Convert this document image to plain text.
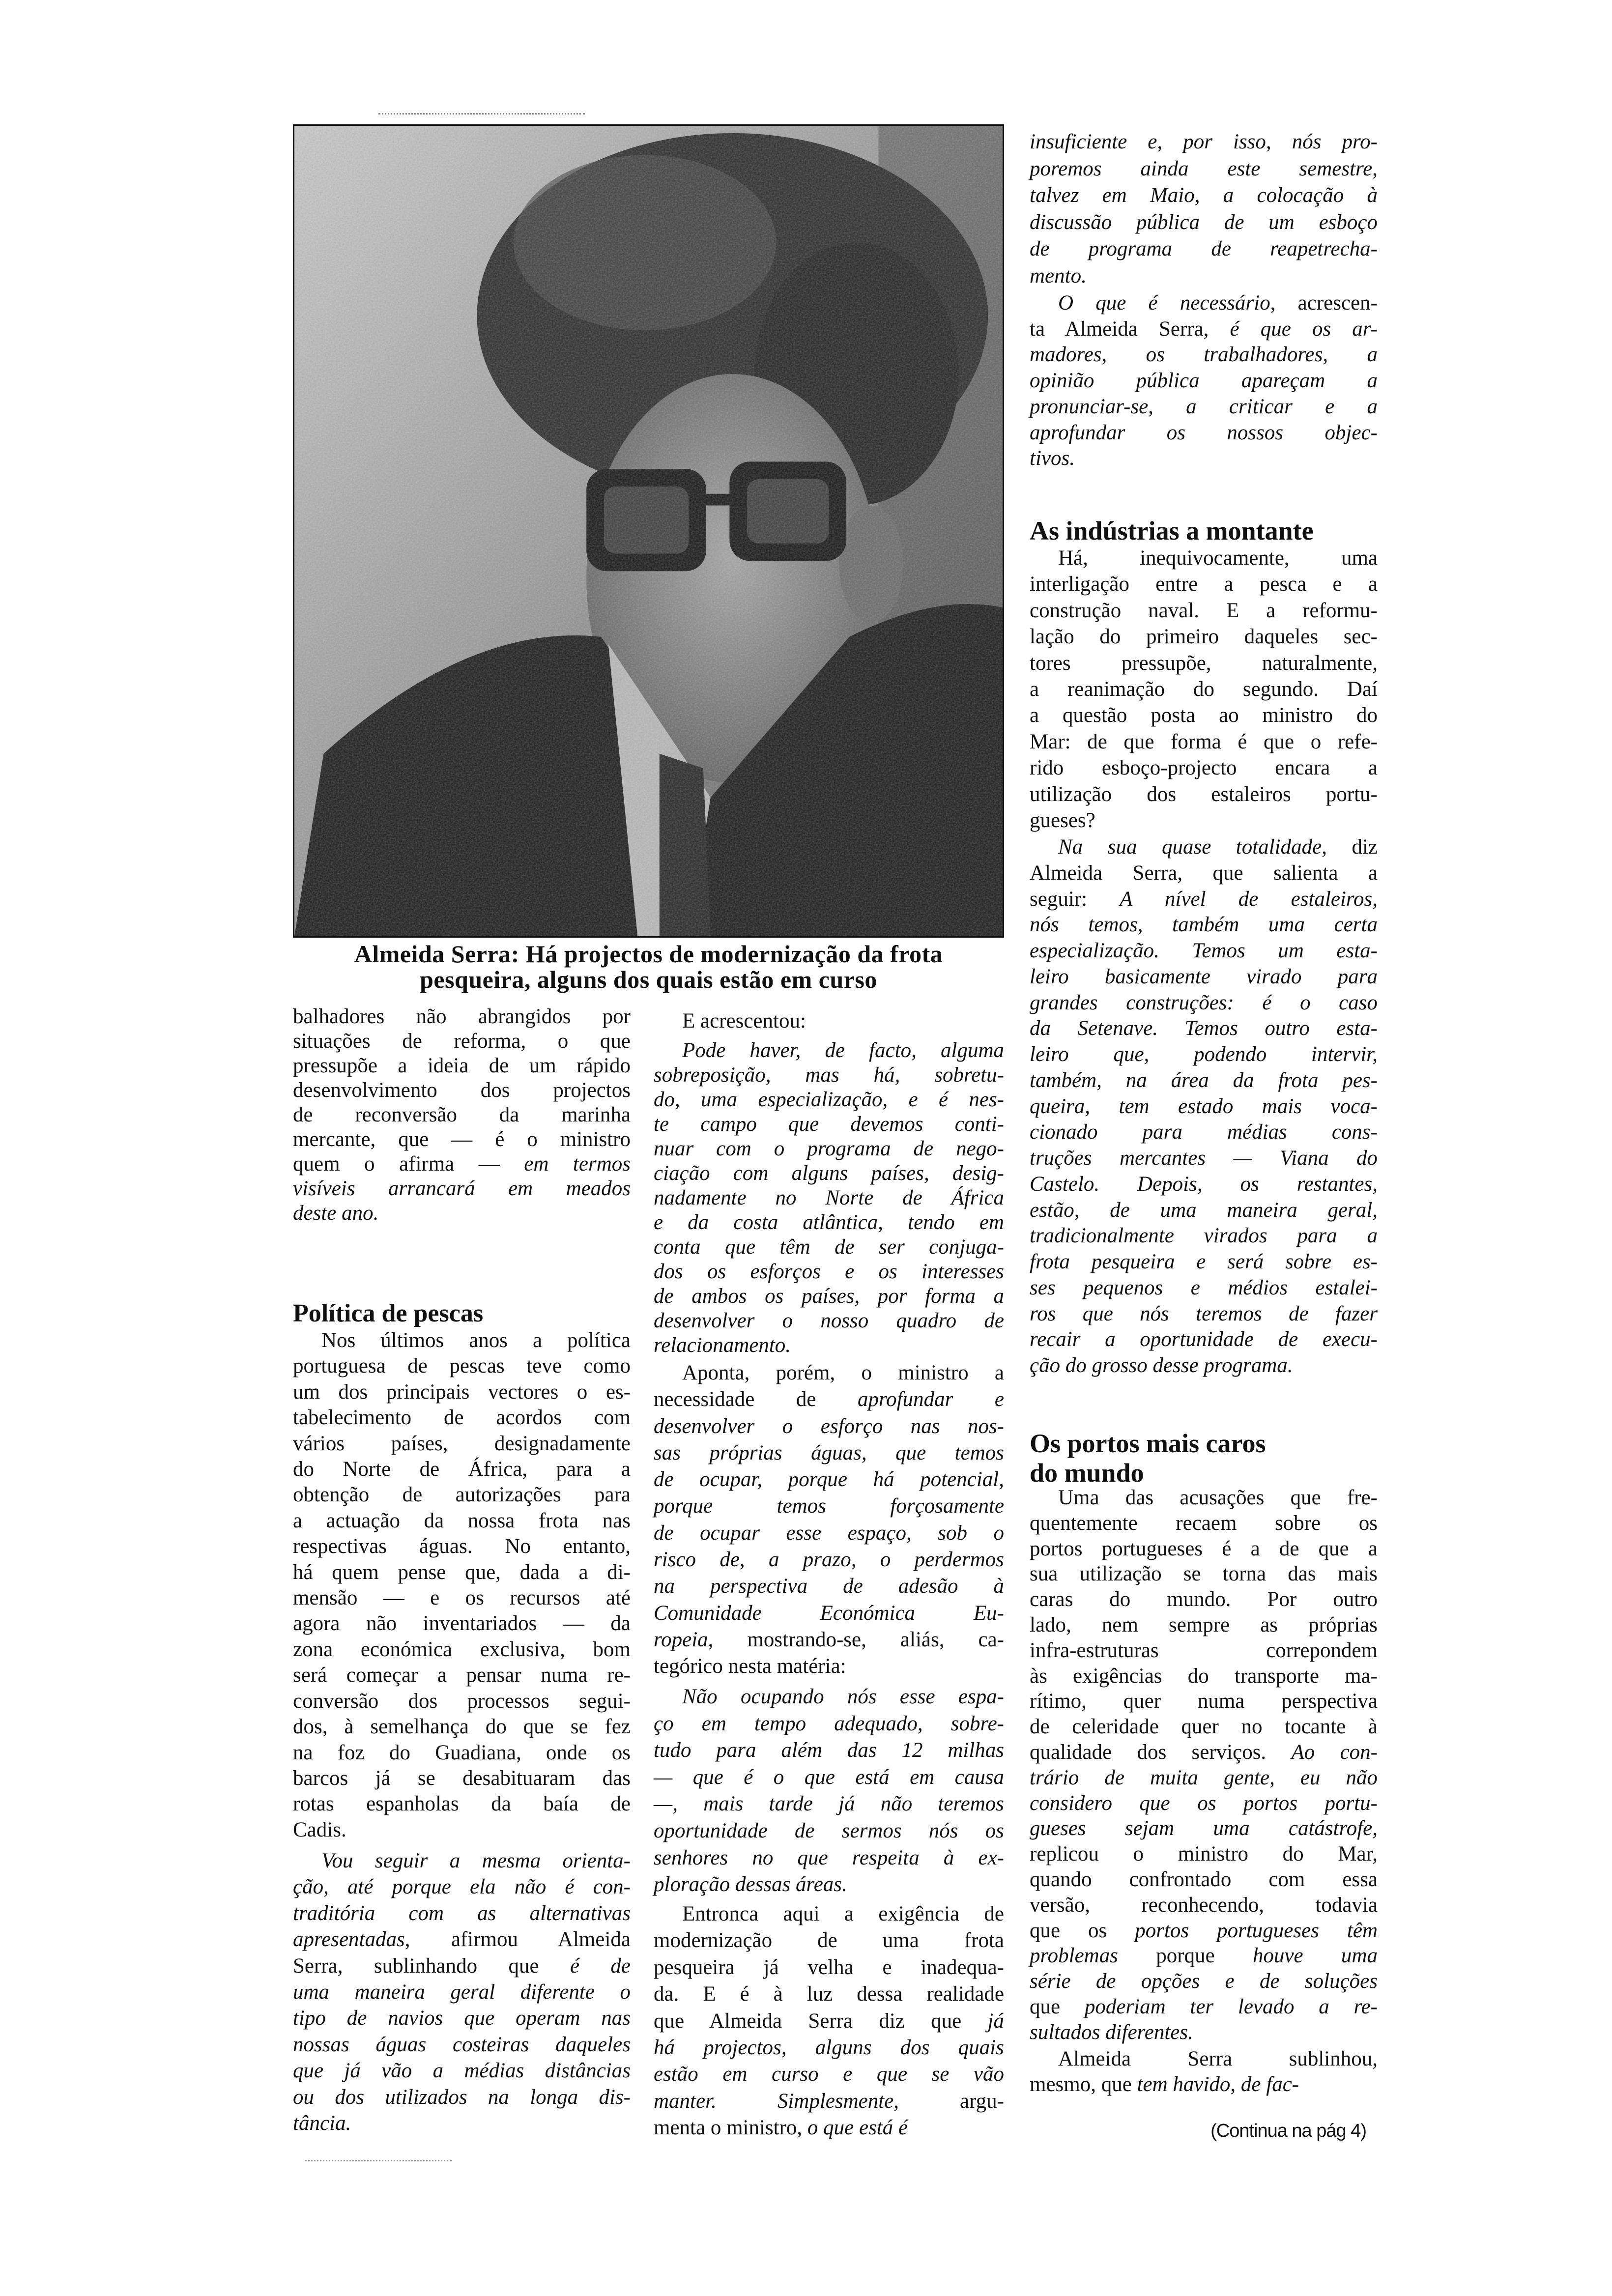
Almeida Serra: Há projectos de modernização da frota
pesqueira, alguns dos quais estão em curso
balhadores não abrangidos por
situações de reforma, o que
pressupõe a ideia de um rápido
desenvolvimento dos projectos
de reconversão da marinha
mercante, que — é o ministro
quem o afirma — em termos
visíveis arrancará em meados
deste ano.
Política de pescas
Nos últimos anos a política
portuguesa de pescas teve como
um dos principais vectores o es-
tabelecimento de acordos com
vários países, designadamente
do Norte de África, para a
obtenção de autorizações para
a actuação da nossa frota nas
respectivas águas. No entanto,
há quem pense que, dada a di-
mensão — e os recursos até
agora não inventariados — da
zona económica exclusiva, bom
será começar a pensar numa re-
conversão dos processos segui-
dos, à semelhança do que se fez
na foz do Guadiana, onde os
barcos já se desabituaram das
rotas espanholas da baía de
Cadis.
Vou seguir a mesma orienta-
ção, até porque ela não é con-
traditória com as alternativas
apresentadas, afirmou Almeida
Serra, sublinhando que é de
uma maneira geral diferente o
tipo de navios que operam nas
nossas águas costeiras daqueles
que já vão a médias distâncias
ou dos utilizados na longa dis-
tância.
E acrescentou:
Pode haver, de facto, alguma
sobreposição, mas há, sobretu-
do, uma especialização, e é nes-
te campo que devemos conti-
nuar com o programa de nego-
ciação com alguns países, desig-
nadamente no Norte de África
e da costa atlântica, tendo em
conta que têm de ser conjuga-
dos os esforços e os interesses
de ambos os países, por forma a
desenvolver o nosso quadro de
relacionamento.
Aponta, porém, o ministro a
necessidade de aprofundar e
desenvolver o esforço nas nos-
sas próprias águas, que temos
de ocupar, porque há potencial,
porque temos forçosamente
de ocupar esse espaço, sob o
risco de, a prazo, o perdermos
na perspectiva de adesão à
Comunidade Económica Eu-
ropeia, mostrando-se, aliás, ca-
tegórico nesta matéria:
Não ocupando nós esse espa-
ço em tempo adequado, sobre-
tudo para além das 12 milhas
— que é o que está em causa
—, mais tarde já não teremos
oportunidade de sermos nós os
senhores no que respeita à ex-
ploração dessas áreas.
Entronca aqui a exigência de
modernização de uma frota
pesqueira já velha e inadequa-
da. E é à luz dessa realidade
que Almeida Serra diz que já
há projectos, alguns dos quais
estão em curso e que se vão
manter. Simplesmente, argu-
menta o ministro, o que está é
insuficiente e, por isso, nós pro-
poremos ainda este semestre,
talvez em Maio, a colocação à
discussão pública de um esboço
de programa de reapetrecha-
mento.
O que é necessário, acrescen-
ta Almeida Serra, é que os ar-
madores, os trabalhadores, a
opinião pública apareçam a
pronunciar-se, a criticar e a
aprofundar os nossos objec-
tivos.
As indústrias a montante
Há, inequivocamente, uma
interligação entre a pesca e a
construção naval. E a reformu-
lação do primeiro daqueles sec-
tores pressupõe, naturalmente,
a reanimação do segundo. Daí
a questão posta ao ministro do
Mar: de que forma é que o refe-
rido esboço-projecto encara a
utilização dos estaleiros portu-
gueses?
Na sua quase totalidade, diz
Almeida Serra, que salienta a
seguir: A nível de estaleiros,
nós temos, também uma certa
especialização. Temos um esta-
leiro basicamente virado para
grandes construções: é o caso
da Setenave. Temos outro esta-
leiro que, podendo intervir,
também, na área da frota pes-
queira, tem estado mais voca-
cionado para médias cons-
truções mercantes — Viana do
Castelo. Depois, os restantes,
estão, de uma maneira geral,
tradicionalmente virados para a
frota pesqueira e será sobre es-
ses pequenos e médios estalei-
ros que nós teremos de fazer
recair a oportunidade de execu-
ção do grosso desse programa.
Os portos mais caros
do mundo
Uma das acusações que fre-
quentemente recaem sobre os
portos portugueses é a de que a
sua utilização se torna das mais
caras do mundo. Por outro
lado, nem sempre as próprias
infra-estruturas correpondem
às exigências do transporte ma-
rítimo, quer numa perspectiva
de celeridade quer no tocante à
qualidade dos serviços. Ao con-
trário de muita gente, eu não
considero que os portos portu-
gueses sejam uma catástrofe,
replicou o ministro do Mar,
quando confrontado com essa
versão, reconhecendo, todavia
que os portos portugueses têm
problemas porque houve uma
série de opções e de soluções
que poderiam ter levado a re-
sultados diferentes.
Almeida Serra sublinhou,
mesmo, que tem havido, de fac-
(Continua na pág 4)
